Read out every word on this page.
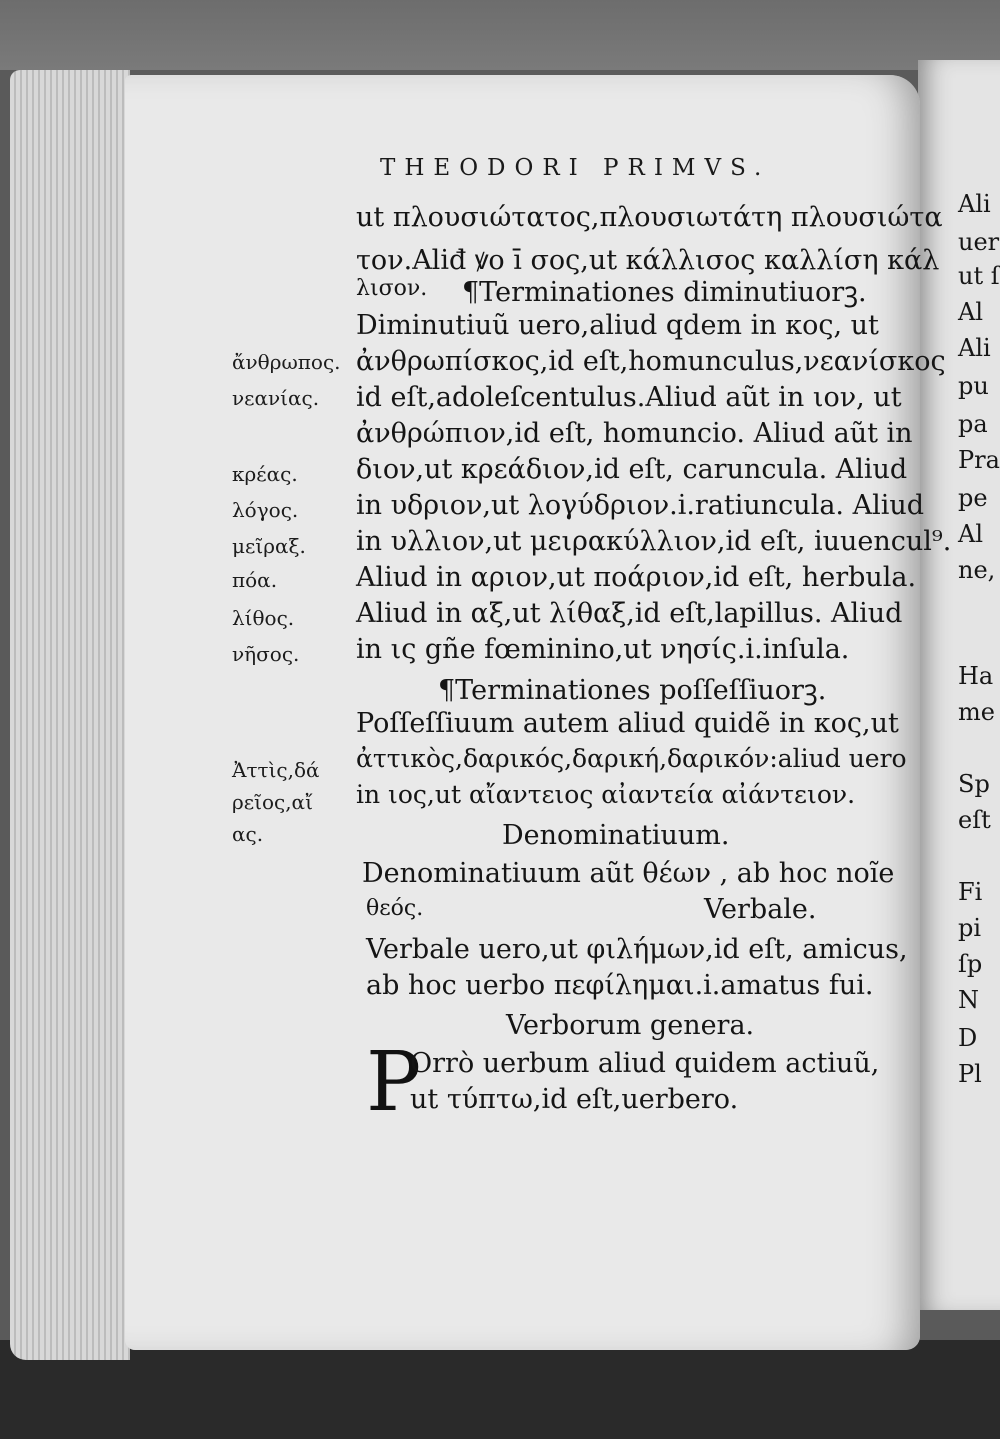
THEODORI PRIMVS.
ut πλουσιώτατος,πλουσιωτάτη πλουσιώτα
τον.Aliđ ꝟo ī σος,ut κάλλισος καλλίση κάλ
λισον. ¶Terminationes diminutiuorꝫ.
Diminutiuũ uero,aliud qdem in κος, ut
ἀνθρωπίσκος,id eſt,homunculus,νεανίσκος
id eſt,adoleſcentulus.Aliud aũt in ιον, ut
ἀνθρώπιον,id eſt, homuncio. Aliud aũt in
διον,ut κρεάδιον,id eſt, caruncula. Aliud
in υδριον,ut λογύδριον.i.ratiuncula. Aliud
in υλλιον,ut μειρακύλλιον,id eſt, iuuencul⁹.
Aliud in αριον,ut ποάριον,id eſt, herbula.
Aliud in αξ,ut λίθαξ,id eſt,lapillus. Aliud
in ις gñe fœminino,ut νησίς.i.inſula.
¶Terminationes poſſeſſiuorꝫ.
Poſſeſſiuum autem aliud quidẽ in κος,ut
ἀττικὸς,δαρικός,δαρική,δαρικόν:aliud uero
in ιος,ut αἴαντειος αἰαντεία αἰάντειον.
Denominatiuum.
Denominatiuum aũt θέων , ab hoc noĩe
θεός.	Verbale.
Verbale uero,ut φιλήμων,id eſt, amicus,
ab hoc uerbo πεφίλημαι.i.amatus fui.
Verborum genera.
P
Orrò uerbum aliud quidem actiuũ,
ut τύπτω,id eſt,uerbero.
ἄνθρωπος.
νεανίας.
κρέας.
λόγος.
μεῖραξ.
πόα.
λίθος.
νῆσος.
Ἀττὶς,δά
ρεῖος,αἴ
ας.
Ali
uer
ut ſ
Al
Ali
pu
pa
Pra
pe
Al
ne,
Ha
me
Sp
eſt
Fi
pi
ſp
N
D
Pl
